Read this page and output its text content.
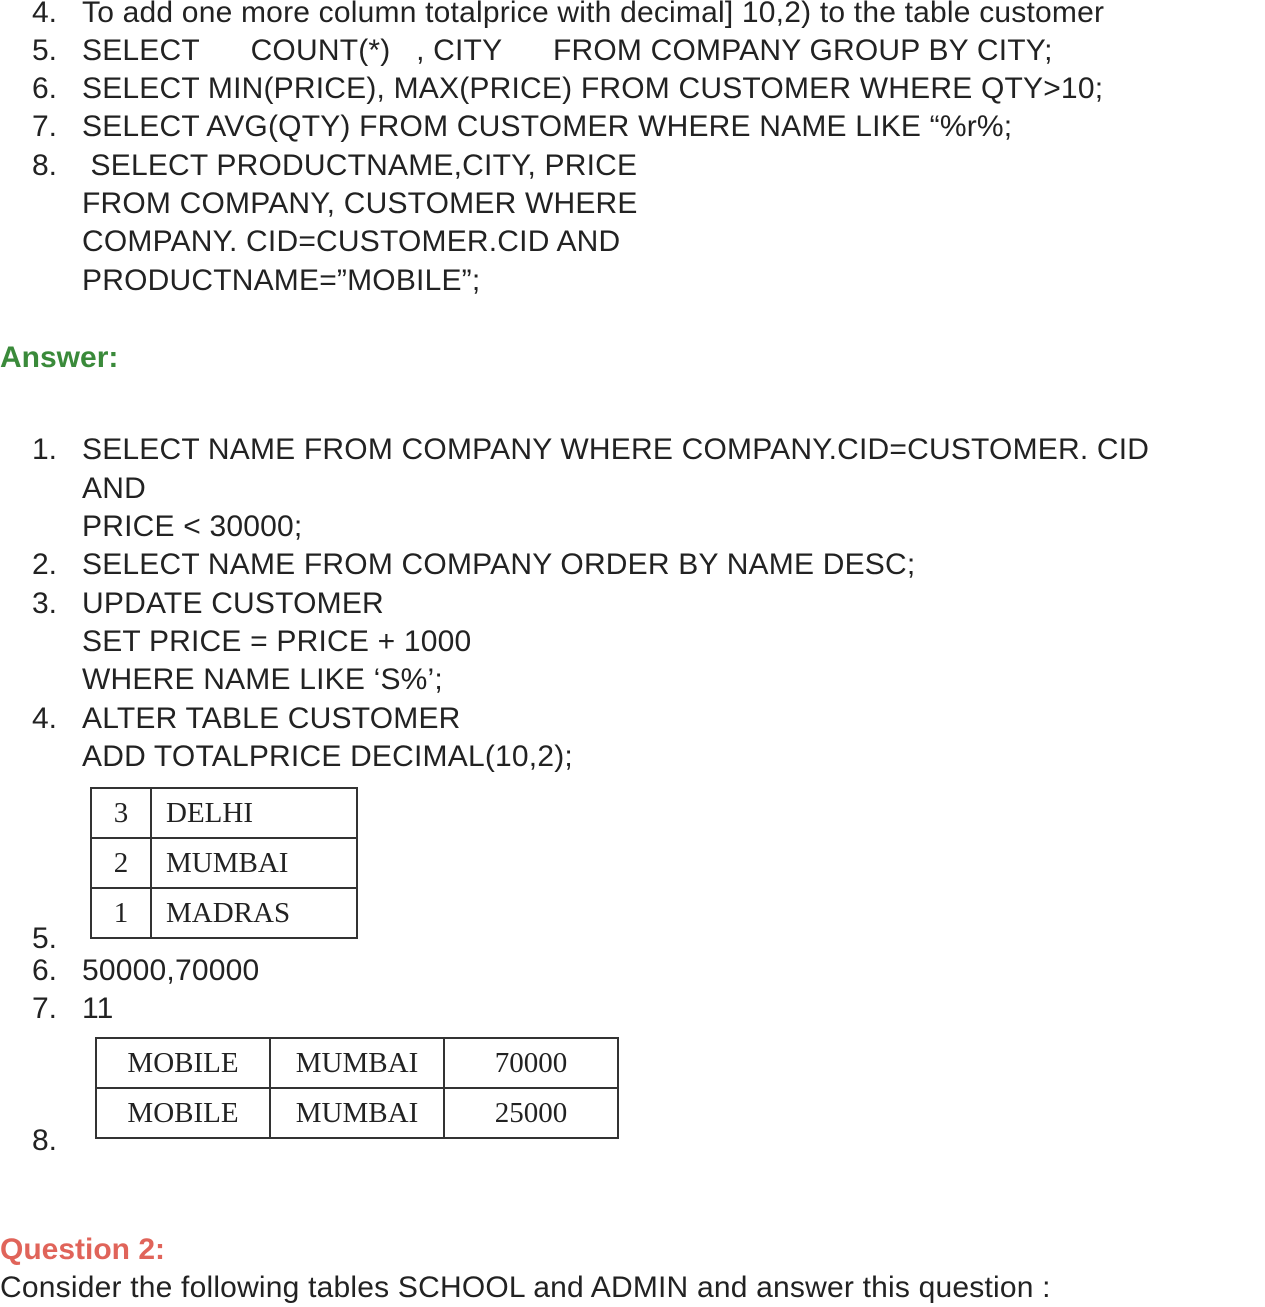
4. To add one more column totalprice with decimal] 10,2) to the table customer
5. SELECT      COUNT(*)   , CITY      FROM COMPANY GROUP BY CITY;
6. SELECT MIN(PRICE), MAX(PRICE) FROM CUSTOMER WHERE QTY>10;
7. SELECT AVG(QTY) FROM CUSTOMER WHERE NAME LIKE “%r%;
8. SELECT PRODUCTNAME,CITY, PRICE
FROM COMPANY, CUSTOMER WHERE
COMPANY. CID=CUSTOMER.CID AND
PRODUCTNAME=”MOBILE”;
Answer:
1. SELECT NAME FROM COMPANY WHERE COMPANY.CID=CUSTOMER. CID
AND
PRICE < 30000;
2. SELECT NAME FROM COMPANY ORDER BY NAME DESC;
3. UPDATE CUSTOMER
SET PRICE = PRICE + 1000
WHERE NAME LIKE ‘S%’;
4. ALTER TABLE CUSTOMER
ADD TOTALPRICE DECIMAL(10,2);
3	DELHI
2	MUMBAI
1	MADRAS
5.
6. 50000,70000
7. 11
MOBILE	MUMBAI	70000
MOBILE	MUMBAI	25000
8.
Question 2:
Consider the following tables SCHOOL and ADMIN and answer this question :
